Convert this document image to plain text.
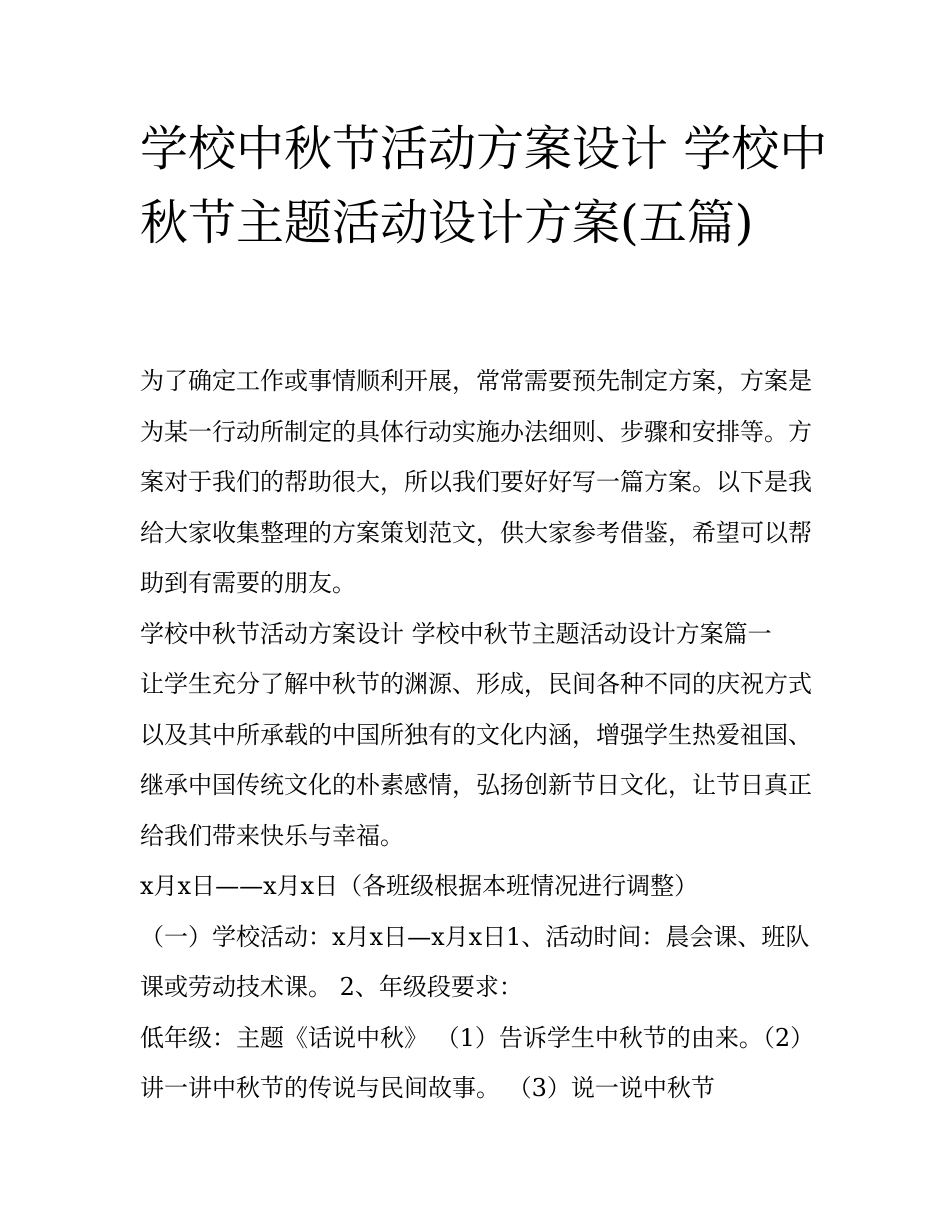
学校中秋节活动方案设计 学校中秋节主题活动设计方案(五篇)

为了确定工作或事情顺利开展，常常需要预先制定方案，方案是为某一行动所制定的具体行动实施办法细则、步骤和安排等。方案对于我们的帮助很大，所以我们要好好写一篇方案。以下是我给大家收集整理的方案策划范文，供大家参考借鉴，希望可以帮助到有需要的朋友。

学校中秋节活动方案设计 学校中秋节主题活动设计方案篇一

让学生充分了解中秋节的渊源、形成，民间各种不同的庆祝方式以及其中所承载的中国所独有的文化内涵，增强学生热爱祖国、继承中国传统文化的朴素感情，弘扬创新节日文化，让节日真正给我们带来快乐与幸福。

x月x日——x月x日（各班级根据本班情况进行调整）

（一）学校活动：x月x日—x月x日1、活动时间：晨会课、班队课或劳动技术课。 2、年级段要求：

低年级：主题《话说中秋》 （1）告诉学生中秋节的由来。（2）讲一讲中秋节的传说与民间故事。 （3）说一说中秋节
